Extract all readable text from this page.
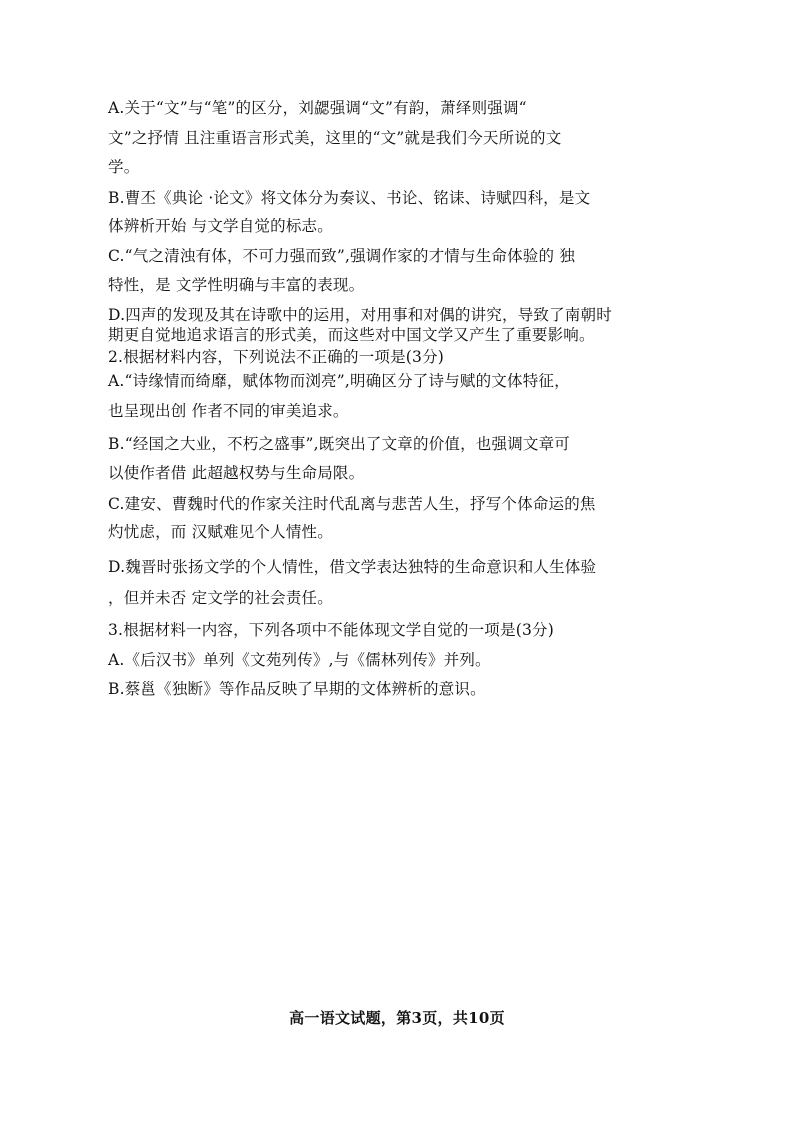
A.关于“文”与“笔”的区分，刘勰强调“文”有韵，萧绎则强调“
文”之抒情 且注重语言形式美，这里的“文”就是我们今天所说的文
学。
B.曹丕《典论 ·论文》将文体分为奏议、书论、铭诔、诗赋四科，是文
体辨析开始 与文学自觉的标志。
C.“气之清浊有体，不可力强而致”,强调作家的才情与生命体验的 独
特性，是 文学性明确与丰富的表现。
D.四声的发现及其在诗歌中的运用，对用事和对偶的讲究，导致了南朝时
期更自觉地追求语言的形式美，而这些对中国文学又产生了重要影响。
2.根据材料内容，下列说法不正确的一项是(3分)
A.“诗缘情而绮靡，赋体物而浏亮”,明确区分了诗与赋的文体特征，
也呈现出创 作者不同的审美追求。
B.“经国之大业，不朽之盛事”,既突出了文章的价值，也强调文章可
以使作者借 此超越权势与生命局限。
C.建安、曹魏时代的作家关注时代乱离与悲苦人生，抒写个体命运的焦
灼忧虑，而 汉赋难见个人情性。
D.魏晋时张扬文学的个人情性，借文学表达独特的生命意识和人生体验
，但并未否 定文学的社会责任。
3.根据材料一内容，下列各项中不能体现文学自觉的一项是(3分)
A.《后汉书》单列《文苑列传》,与《儒林列传》并列。
B.蔡邕《独断》等作品反映了早期的文体辨析的意识。
高一语文试题，第3页，共10页
